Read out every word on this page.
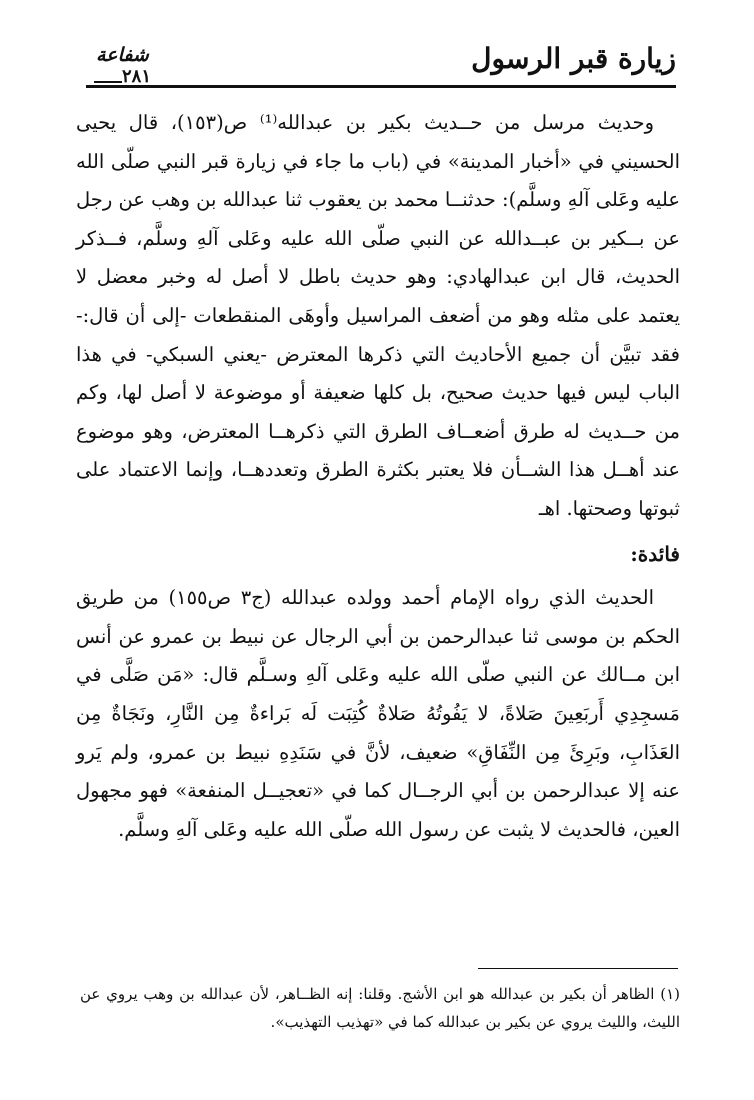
زيارة قبر الرسول
شفاعة
٢٨١

وحديث مرسل من حــديث بكير بن عبدالله⁽¹⁾ ص(١٥٣)، قال يحيى الحسيني في «أخبار المدينة» في (باب ما جاء في زيارة قبر النبي صلّى الله عليه وعَلى آلهِ وسلَّم): حدثنــا محمد بن يعقوب ثنا عبدالله بن وهب عن رجل عن بــكير بن عبــدالله عن النبي صلّى الله عليه وعَلى آلهِ وسلَّم، فــذكر الحديث، قال ابن عبدالهادي: وهو حديث باطل لا أصل له وخبر معضل لا يعتمد على مثله وهو من أضعف المراسيل وأوهَى المنقطعات -إلى أن قال:- فقد تبيَّن أن جميع الأحاديث التي ذكرها المعترض -يعني السبكي- في هذا الباب ليس فيها حديث صحيح، بل كلها ضعيفة أو موضوعة لا أصل لها، وكم من حــديث له طرق أضعــاف الطرق التي ذكرهــا المعترض، وهو موضوع عند أهــل هذا الشــأن فلا يعتبر بكثرة الطرق وتعددهــا، وإنما الاعتماد على ثبوتها وصحتها. اهـ

فائدة:

الحديث الذي رواه الإمام أحمد وولده عبدالله (ج٣ ص١٥٥) من طريق الحكم بن موسى ثنا عبدالرحمن بن أبي الرجال عن نبيط بن عمرو عن أنس ابن مــالك عن النبي صلّى الله عليه وعَلى آلهِ وسـلَّم قال: «مَن صَلَّى في مَسجِدِي أَربَعِينَ صَلاةً، لا يَفُوتُهُ صَلاةٌ كُتِبَت لَه بَراءةٌ مِن النَّارِ، ونَجَاةٌ مِن العَذَابِ، وبَرِئَ مِن النِّفَاقِ» ضعيف، لأنَّ في سَنَدِهِ نبيط بن عمرو، ولم يَرو عنه إلا عبدالرحمن بن أبي الرجــال كما في «تعجيــل المنفعة» فهو مجهول العين، فالحديث لا يثبت عن رسول الله صلّى الله عليه وعَلى آلهِ وسلَّم.

(١) الظاهر أن بكير بن عبدالله هو ابن الأشج. وقلنا: إنه الظــاهر، لأن عبدالله بن وهب يروي عن الليث، والليث يروي عن بكير بن عبدالله كما في «تهذيب التهذيب».
